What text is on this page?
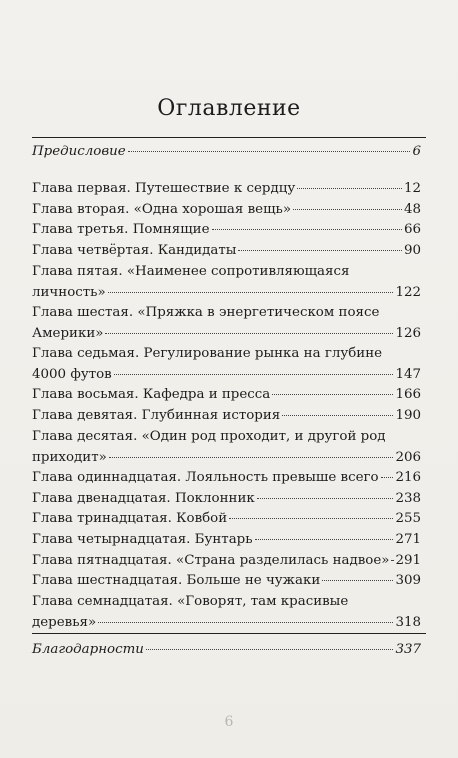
Оглавление
Предисловие	6
Глава первая. Путешествие к сердцу	12
Глава вторая. «Одна хорошая вещь»	48
Глава третья. Помнящие	66
Глава четвёртая. Кандидаты	90
Глава пятая. «Наименее сопротивляющаяся
личность»	122
Глава шестая. «Пряжка в энергетическом поясе
Америки»	126
Глава седьмая. Регулирование рынка на глубине
4000 футов	147
Глава восьмая. Кафедра и пресса	166
Глава девятая. Глубинная история	190
Глава десятая. «Один род проходит, и другой род
приходит»	206
Глава одиннадцатая. Лояльность превыше всего 216
Глава двенадцатая. Поклонник	238
Глава тринадцатая. Ковбой	255
Глава четырнадцатая. Бунтарь	271
Глава пятнадцатая. «Страна разделилась надвое» 291
Глава шестнадцатая. Больше не чужаки	309
Глава семнадцатая. «Говорят, там красивые
деревья»	318
Благодарности	337
6
